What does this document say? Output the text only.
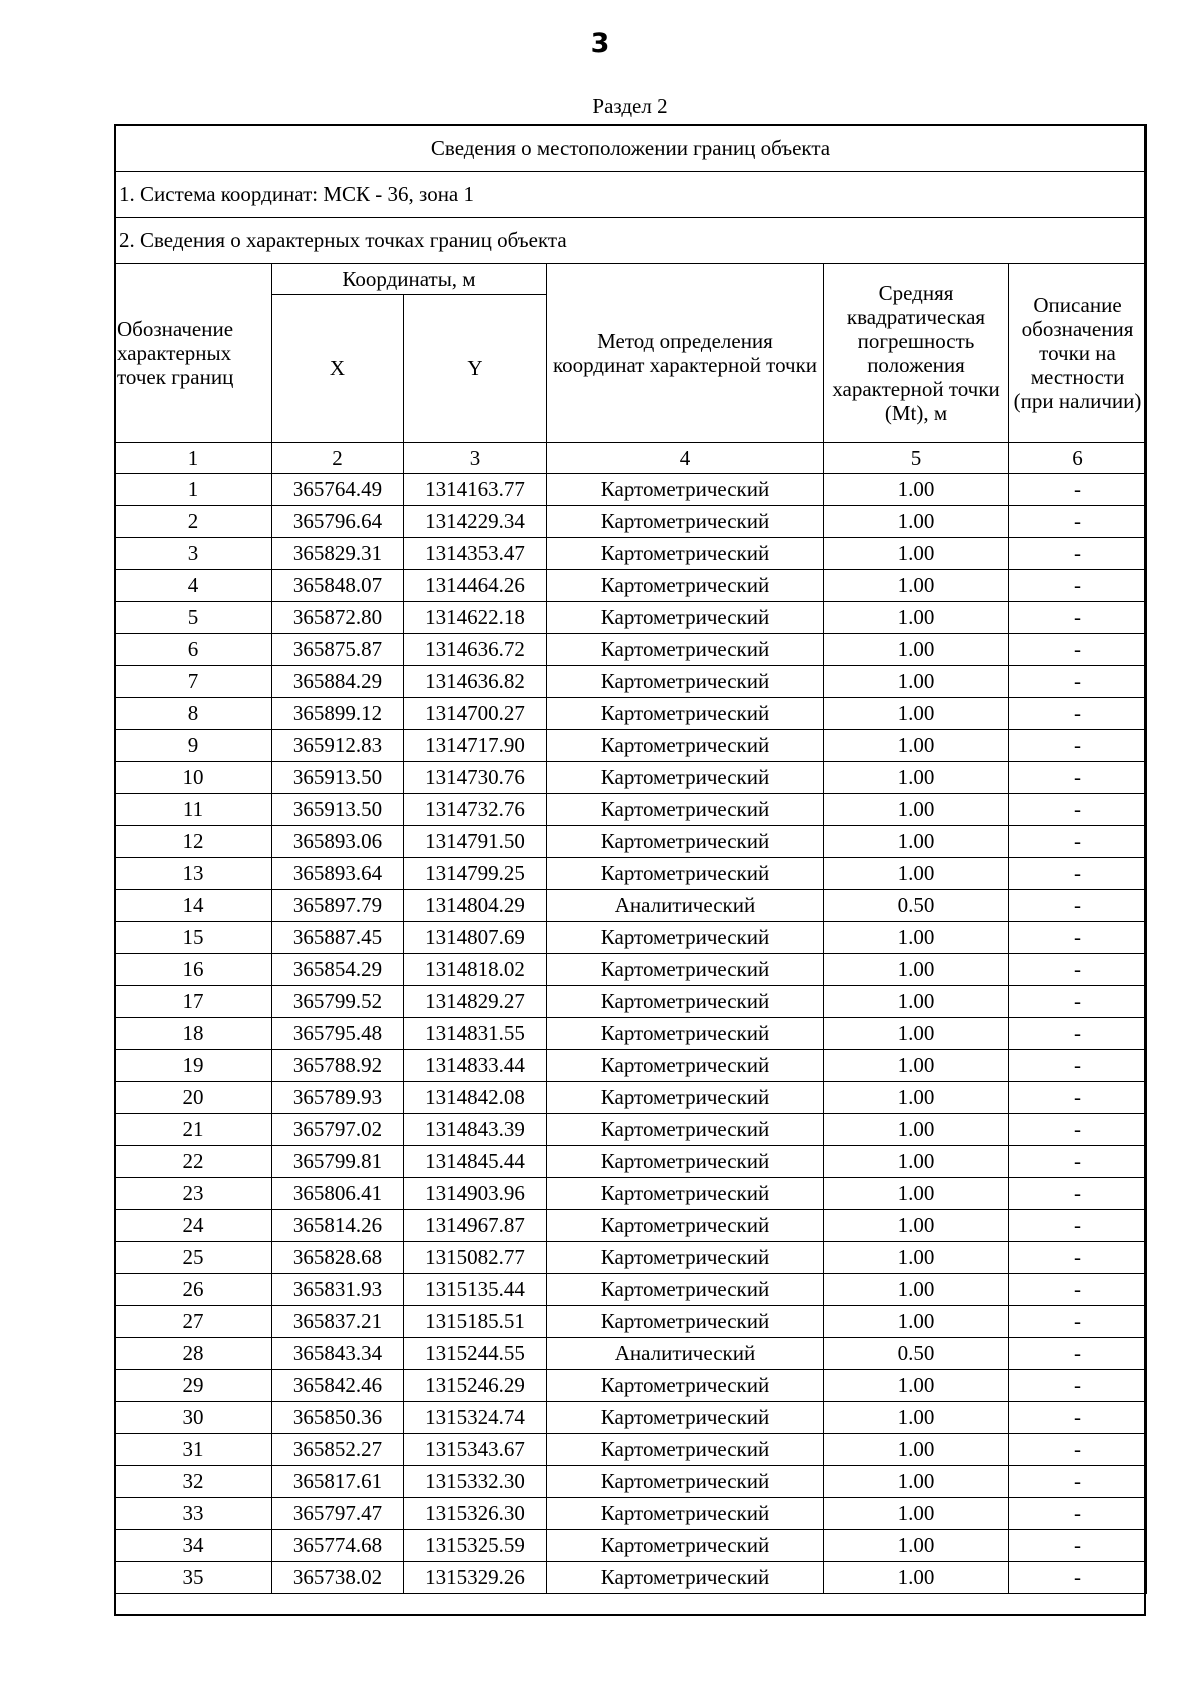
3
Раздел 2
Сведения о местоположении границ объекта					
1. Система координат: МСК - 36, зона 1					
2. Сведения о характерных точках границ объекта					
Обозначение характерных точек границ	Координаты, м		Метод определения координат характерной точки	Средняя квадратическая погрешность положения характерной точки (Mt), м	Описание обозначения точки на местности (при наличии)
	X	Y			
1	2	3	4	5	6
1	365764.49	1314163.77	Картометрический	1.00	-
2	365796.64	1314229.34	Картометрический	1.00	-
3	365829.31	1314353.47	Картометрический	1.00	-
4	365848.07	1314464.26	Картометрический	1.00	-
5	365872.80	1314622.18	Картометрический	1.00	-
6	365875.87	1314636.72	Картометрический	1.00	-
7	365884.29	1314636.82	Картометрический	1.00	-
8	365899.12	1314700.27	Картометрический	1.00	-
9	365912.83	1314717.90	Картометрический	1.00	-
10	365913.50	1314730.76	Картометрический	1.00	-
11	365913.50	1314732.76	Картометрический	1.00	-
12	365893.06	1314791.50	Картометрический	1.00	-
13	365893.64	1314799.25	Картометрический	1.00	-
14	365897.79	1314804.29	Аналитический	0.50	-
15	365887.45	1314807.69	Картометрический	1.00	-
16	365854.29	1314818.02	Картометрический	1.00	-
17	365799.52	1314829.27	Картометрический	1.00	-
18	365795.48	1314831.55	Картометрический	1.00	-
19	365788.92	1314833.44	Картометрический	1.00	-
20	365789.93	1314842.08	Картометрический	1.00	-
21	365797.02	1314843.39	Картометрический	1.00	-
22	365799.81	1314845.44	Картометрический	1.00	-
23	365806.41	1314903.96	Картометрический	1.00	-
24	365814.26	1314967.87	Картометрический	1.00	-
25	365828.68	1315082.77	Картометрический	1.00	-
26	365831.93	1315135.44	Картометрический	1.00	-
27	365837.21	1315185.51	Картометрический	1.00	-
28	365843.34	1315244.55	Аналитический	0.50	-
29	365842.46	1315246.29	Картометрический	1.00	-
30	365850.36	1315324.74	Картометрический	1.00	-
31	365852.27	1315343.67	Картометрический	1.00	-
32	365817.61	1315332.30	Картометрический	1.00	-
33	365797.47	1315326.30	Картометрический	1.00	-
34	365774.68	1315325.59	Картометрический	1.00	-
35	365738.02	1315329.26	Картометрический	1.00	-
